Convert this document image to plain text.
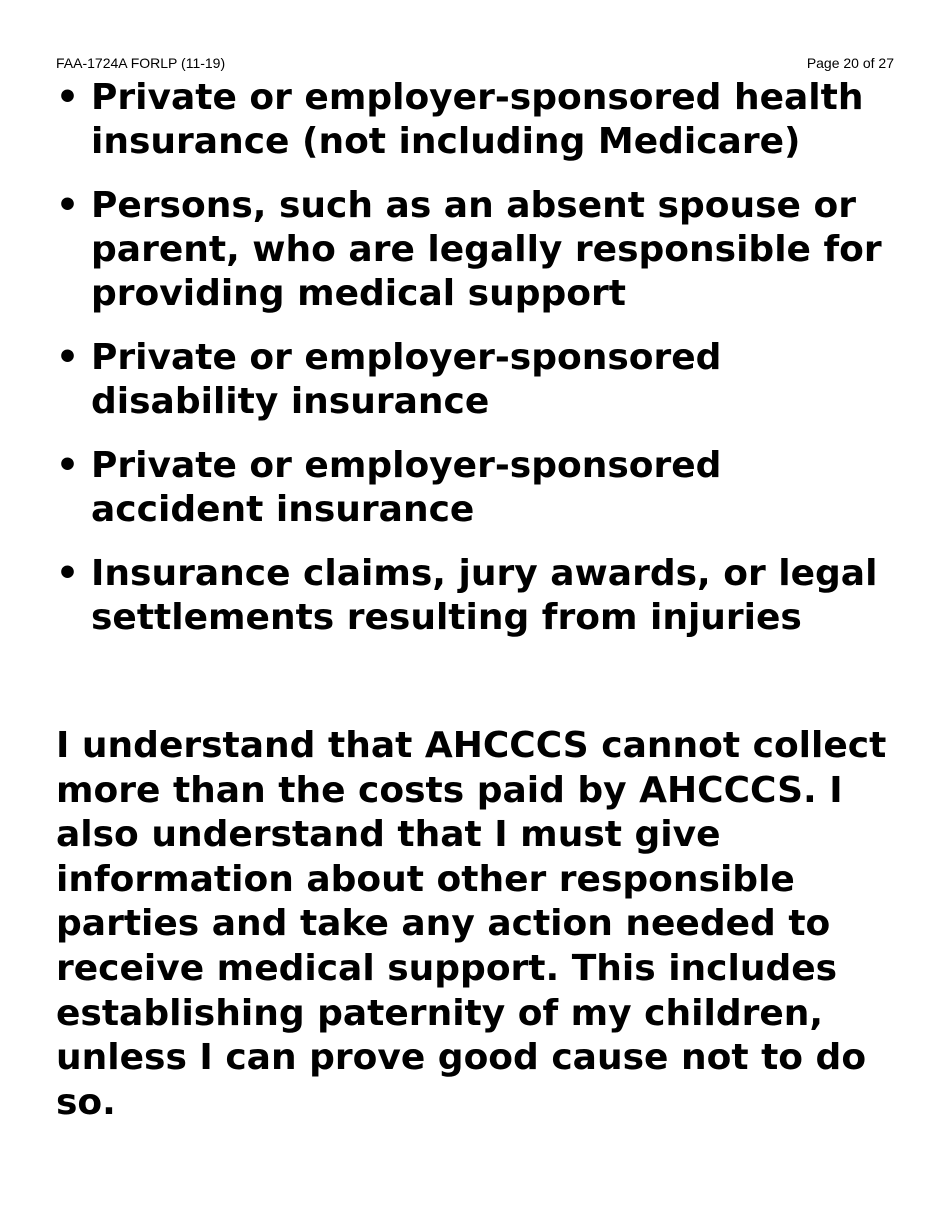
FAA-1724A FORLP (11-19)	Page 20 of 27
• Private or employer-sponsored health insurance (not including Medicare)
• Persons, such as an absent spouse or parent, who are legally responsible for providing medical support
• Private or employer-sponsored disability insurance
• Private or employer-sponsored accident insurance
• Insurance claims, jury awards, or legal settlements resulting from injuries

I understand that AHCCCS cannot collect more than the costs paid by AHCCCS. I also understand that I must give information about other responsible parties and take any action needed to receive medical support. This includes establishing paternity of my children, unless I can prove good cause not to do so.
